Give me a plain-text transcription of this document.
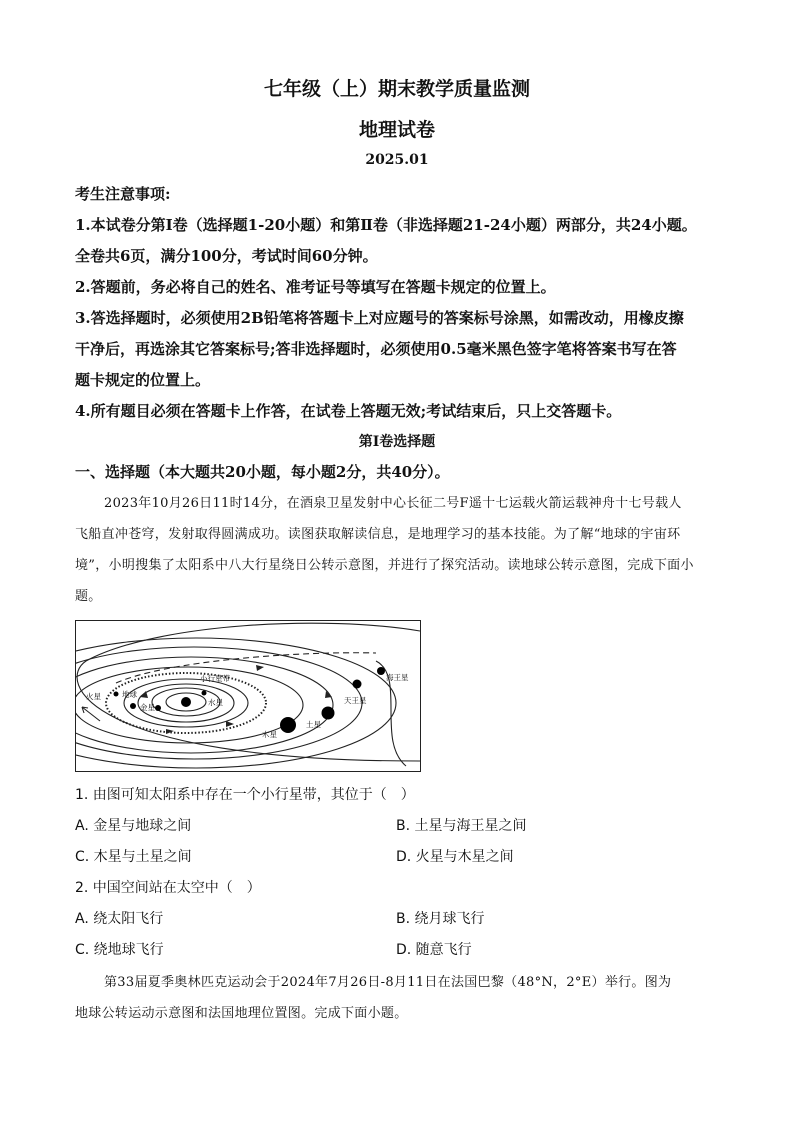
七年级（上）期末教学质量监测
地理试卷
2025.01
考生注意事项:
1.本试卷分第Ⅰ卷（选择题1-20小题）和第Ⅱ卷（非选择题21-24小题）两部分，共24小题。
全卷共6页，满分100分，考试时间60分钟。
2.答题前，务必将自己的姓名、准考证号等填写在答题卡规定的位置上。
3.答选择题时，必须使用2B铅笔将答题卡上对应题号的答案标号涂黑，如需改动，用橡皮擦
干净后，再选涂其它答案标号;答非选择题时，必须使用0.5毫米黑色签字笔将答案书写在答
题卡规定的位置上。
4.所有题目必须在答题卡上作答，在试卷上答题无效;考试结束后，只上交答题卡。
第Ⅰ卷选择题
一、选择题（本大题共20小题，每小题2分，共40分）。
2023年10月26日11时14分，在酒泉卫星发射中心长征二号F遥十七运载火箭运载神舟十七号载人
飞船直冲苍穹，发射取得圆满成功。读图获取解读信息，是地理学习的基本技能。为了解“地球的宇宙环
境”，小明搜集了太阳系中八大行星绕日公转示意图，并进行了探究活动。读地球公转示意图，完成下面小
题。
小行星带
火星	地球
金星
水星
木星
土星
天王星
海王星
1. 由图可知太阳系中存在一个小行星带，其位于（　）
A. 金星与地球之间	B. 土星与海王星之间
C. 木星与土星之间	D. 火星与木星之间
2. 中国空间站在太空中（　）
A. 绕太阳飞行	B. 绕月球飞行
C. 绕地球飞行	D. 随意飞行
第33届夏季奥林匹克运动会于2024年7月26日-8月11日在法国巴黎（48°N，2°E）举行。图为
地球公转运动示意图和法国地理位置图。完成下面小题。
